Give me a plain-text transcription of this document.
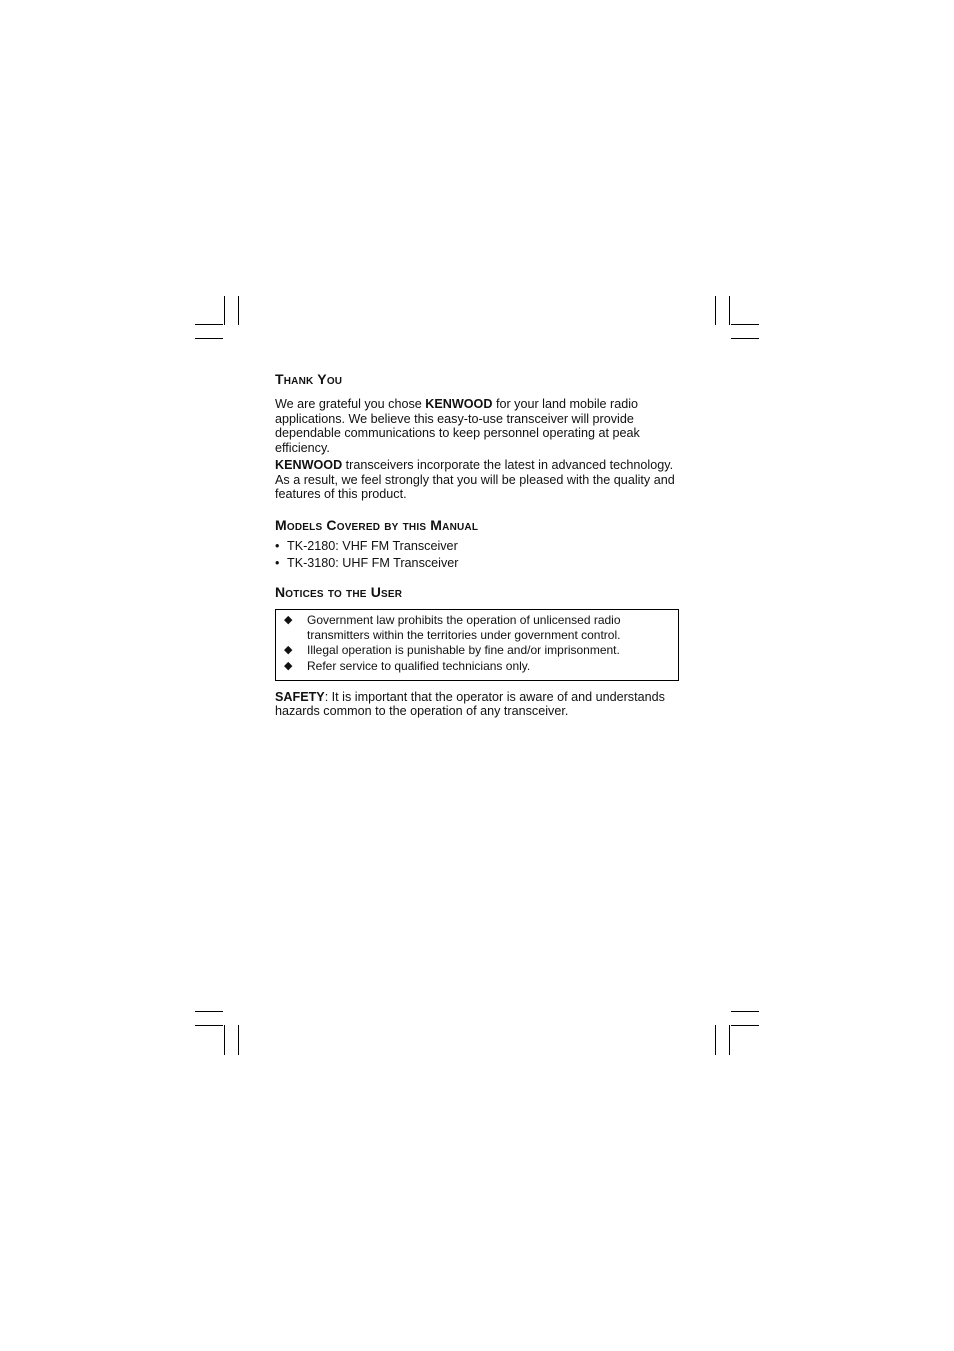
Thank You

We are grateful you chose KENWOOD for your land mobile radio applications. We believe this easy-to-use transceiver will provide dependable communications to keep personnel operating at peak efficiency.

KENWOOD transceivers incorporate the latest in advanced technology. As a result, we feel strongly that you will be pleased with the quality and features of this product.

Models Covered by this Manual
• TK-2180: VHF FM Transceiver
• TK-3180: UHF FM Transceiver
Notices to the User
◆	Government law prohibits the operation of unlicensed radio transmitters within the territories under government control.
◆	Illegal operation is punishable by fine and/or imprisonment.
◆	Refer service to qualified technicians only.

SAFETY: It is important that the operator is aware of and understands hazards common to the operation of any transceiver.
